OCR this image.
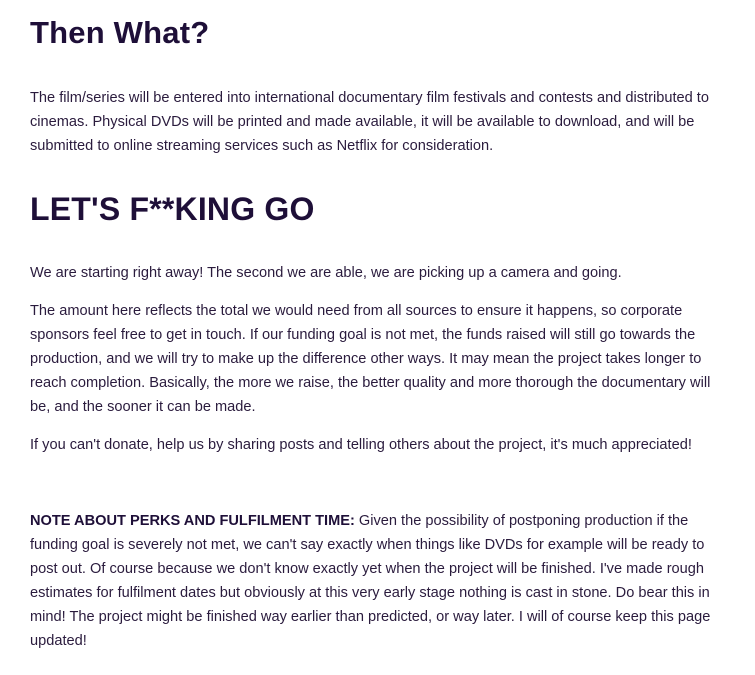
Then What?

The film/series will be entered into international documentary film festivals and contests and distributed to cinemas. Physical DVDs will be printed and made available, it will be available to download, and will be submitted to online streaming services such as Netflix for consideration.

LET'S F**KING GO

We are starting right away! The second we are able, we are picking up a camera and going.

The amount here reflects the total we would need from all sources to ensure it happens, so corporate sponsors feel free to get in touch. If our funding goal is not met, the funds raised will still go towards the production, and we will try to make up the difference other ways. It may mean the project takes longer to reach completion. Basically, the more we raise, the better quality and more thorough the documentary will be, and the sooner it can be made.

If you can't donate, help us by sharing posts and telling others about the project, it's much appreciated!

NOTE ABOUT PERKS AND FULFILMENT TIME: Given the possibility of postponing production if the funding goal is severely not met, we can't say exactly when things like DVDs for example will be ready to post out. Of course because we don't know exactly yet when the project will be finished. I've made rough estimates for fulfilment dates but obviously at this very early stage nothing is cast in stone. Do bear this in mind! The project might be finished way earlier than predicted, or way later. I will of course keep this page updated!
